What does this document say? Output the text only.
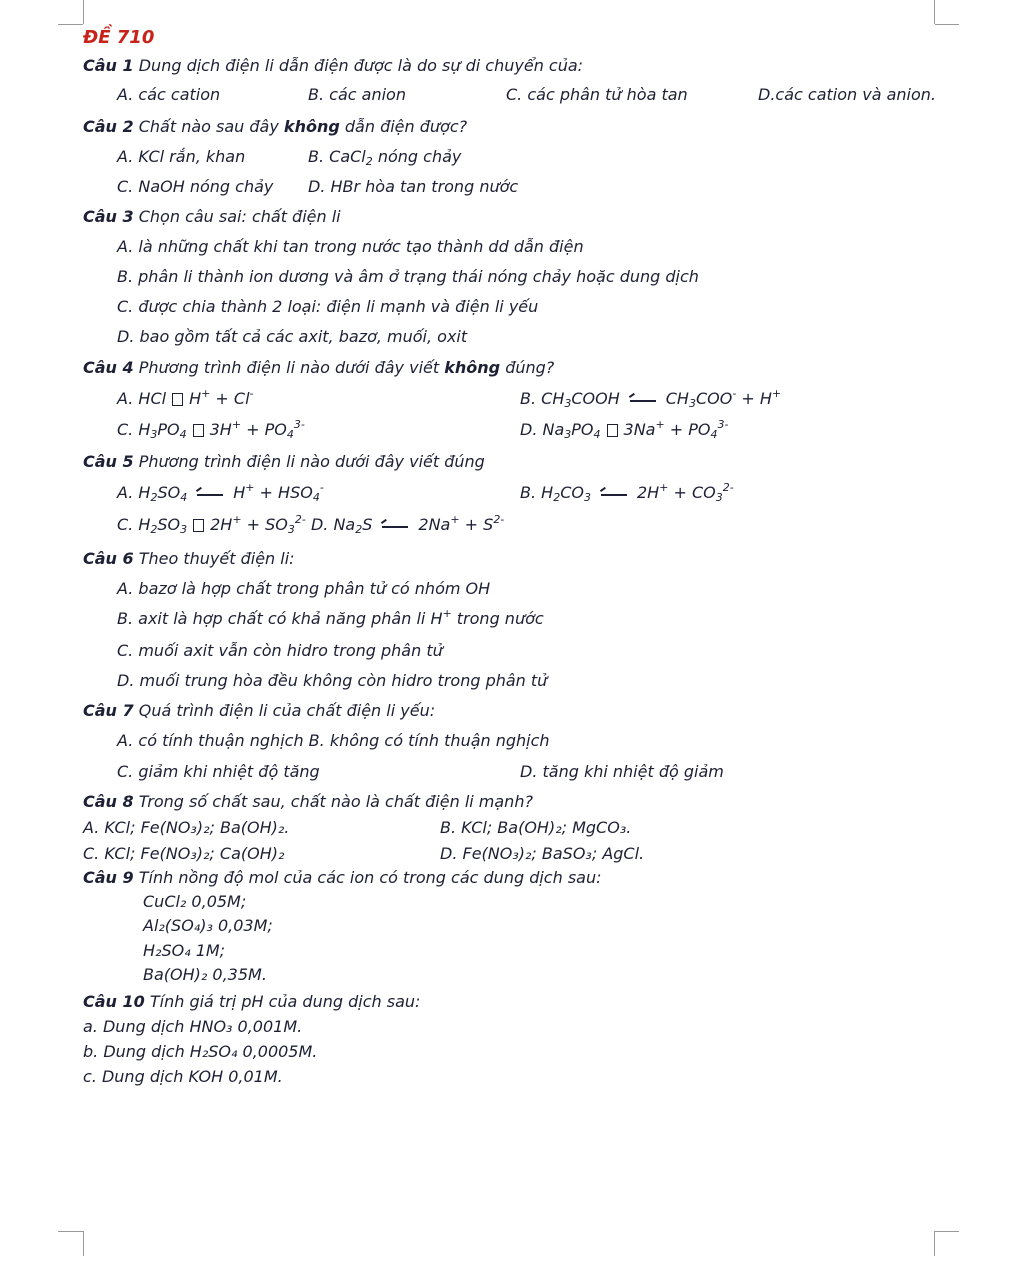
ĐỀ 710
Câu 1 Dung dịch điện li dẫn điện được là do sự di chuyển của:
A. các cation	B. các anion	C. các phân tử hòa tan	D.các cation và anion.
Câu 2 Chất nào sau đây không dẫn điện được?
A. KCl rắn, khan	B. CaCl$_2$ nóng chảy
C. NaOH nóng chảy D. HBr hòa tan trong nước
Câu 3 Chọn câu sai: chất điện li
A. là những chất khi tan trong nước tạo thành dd dẫn điện
B. phân li thành ion dương và âm ở trạng thái nóng chảy hoặc dung dịch
C. được chia thành 2 loại: điện li mạnh và điện li yếu
D. bao gồm tất cả các axit, bazơ, muối, oxit
Câu 4 Phương trình điện li nào dưới đây viết không đúng?
A. HCl H+ + Cl-	B. $CH_3COOH$	$CH_3COO^- + H^+$
C. $H_3PO_4$ $3H^+ + PO_4^{3-}$	D. $Na_3PO_4$ $3Na^+ + PO_4^{3-}$
Câu 5 Phương trình điện li nào dưới đây viết đúng
A. $H_2SO_4$	$H^+ + HSO_4^-$	B. $H_2CO_3$	$2H^+ + CO_3^{2-}$
C. $H_2SO_3$ $2H^+ + SO_3^{2-}$ D. $Na_2S$	$2Na^+ + S^{2-}$
Câu 6 Theo thuyết điện li:
A. bazơ là hợp chất trong phân tử có nhóm OH
B. axit là hợp chất có khả năng phân li H+ trong nước
C. muối axit vẫn còn hidro trong phân tử
D. muối trung hòa đều không còn hidro trong phân tử
Câu 7 Quá trình điện li của chất điện li yếu:
A. có tính thuận nghịch B. không có tính thuận nghịch
C. giảm khi nhiệt độ tăng	D. tăng khi nhiệt độ giảm
Câu 8 Trong số chất sau, chất nào là chất điện li mạnh?
A. KCl; Fe(NO₃)₂; Ba(OH)₂.	B. KCl; Ba(OH)₂; MgCO₃.
C. KCl; Fe(NO₃)₂; Ca(OH)₂	D. Fe(NO₃)₂; BaSO₃; AgCl.
Câu 9 Tính nồng độ mol của các ion có trong các dung dịch sau:
CuCl₂ 0,05M;
Al₂(SO₄)₃ 0,03M;
H₂SO₄ 1M;
Ba(OH)₂ 0,35M.
Câu 10 Tính giá trị pH của dung dịch sau:
a. Dung dịch HNO₃ 0,001M.
b. Dung dịch H₂SO₄ 0,0005M.
c. Dung dịch KOH 0,01M.
